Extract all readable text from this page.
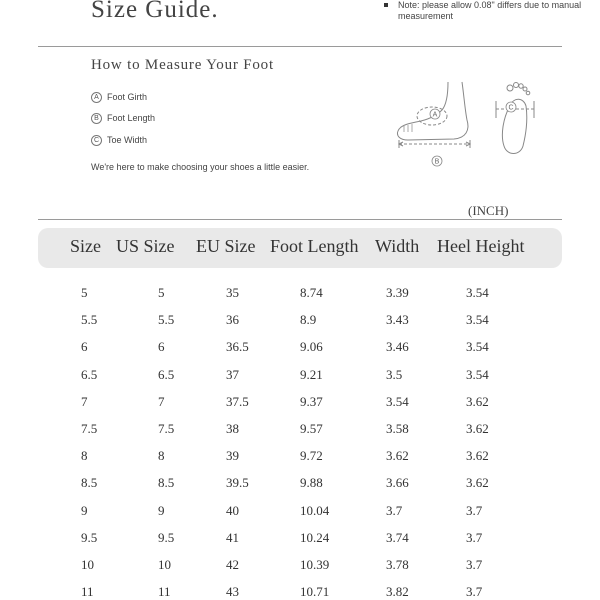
Size Guide.	Note: please allow 0.08" differs due to manual measurement
How to Measure Your Foot
A Foot Girth
B Foot Length
C Toe Width
We're here to make choosing your shoes a little easier.
A
B
C
(INCH)
Size US Size EU Size Foot Length Width Heel Height
5	5	35	8.74	3.39	3.54
5.5	5.5	36	8.9	3.43	3.54
6	6	36.5	9.06	3.46	3.54
6.5	6.5	37	9.21	3.5	3.54
7	7	37.5	9.37	3.54	3.62
7.5	7.5	38	9.57	3.58	3.62
8	8	39	9.72	3.62	3.62
8.5	8.5	39.5	9.88	3.66	3.62
9	9	40	10.04	3.7	3.7
9.5	9.5	41	10.24	3.74	3.7
10	10	42	10.39	3.78	3.7
11	11	43	10.71	3.82	3.7
